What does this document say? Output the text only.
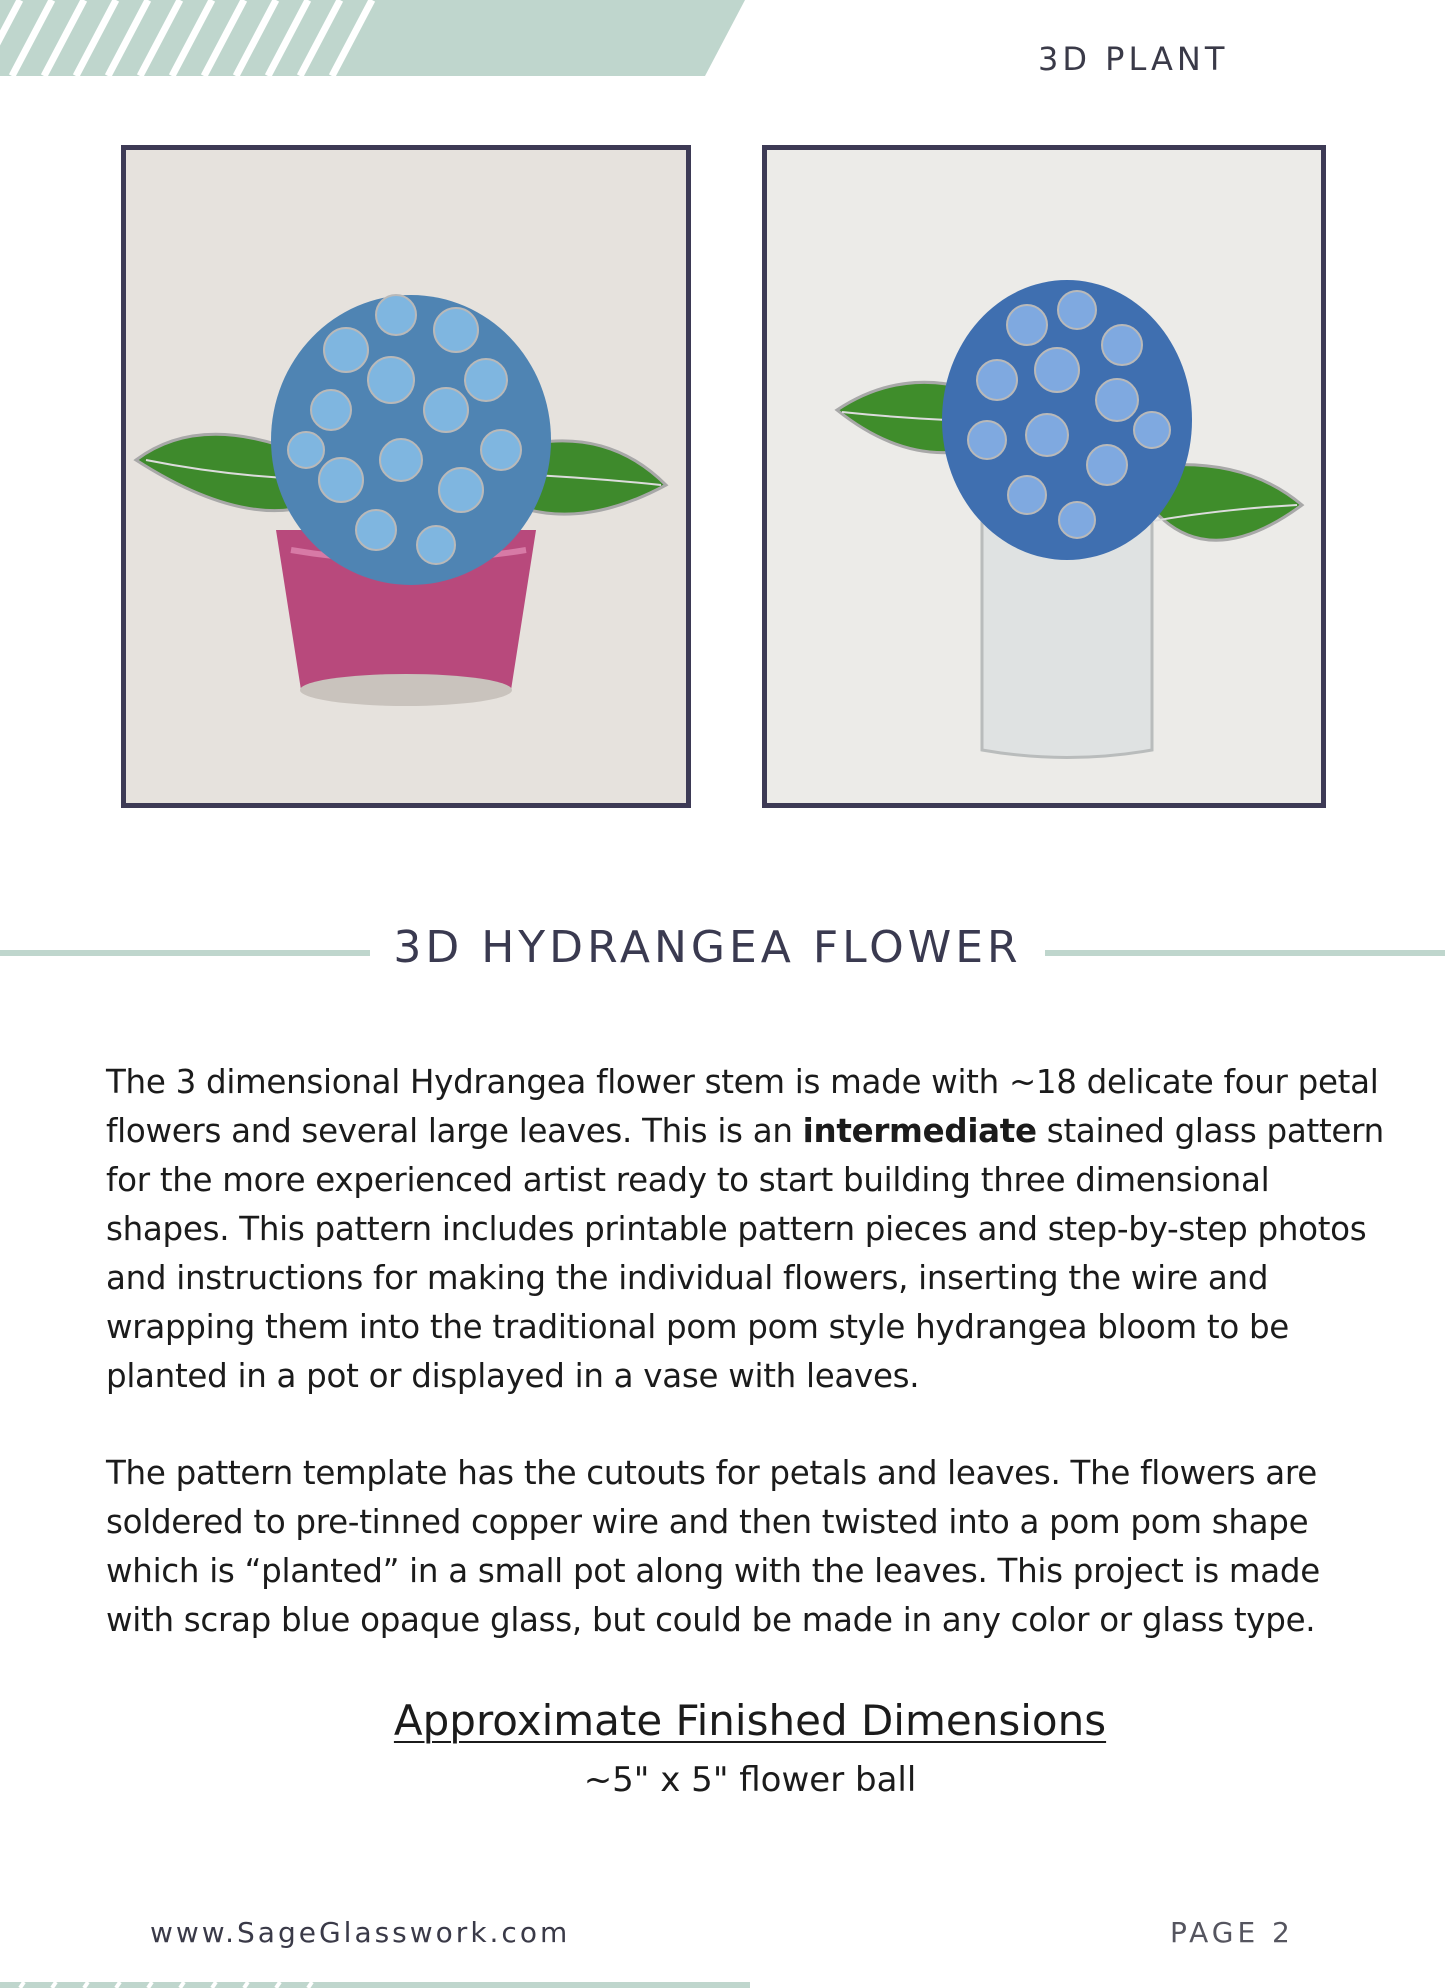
3D PLANT
3D HYDRANGEA FLOWER
The 3 dimensional Hydrangea flower stem is made with ~18 delicate four petal flowers and several large leaves. This is an intermediate stained glass pattern for the more experienced artist ready to start building three dimensional shapes. This pattern includes printable pattern pieces and step-by-step photos and instructions for making the individual flowers, inserting the wire and wrapping them into the traditional pom pom style hydrangea bloom to be planted in a pot or displayed in a vase with leaves.
The pattern template has the cutouts for petals and leaves. The flowers are soldered to pre-tinned copper wire and then twisted into a pom pom shape which is “planted” in a small pot along with the leaves. This project is made with scrap blue opaque glass, but could be made in any color or glass type.
Approximate Finished Dimensions
~5" x 5" flower ball
www.SageGlasswork.com	PAGE 2
